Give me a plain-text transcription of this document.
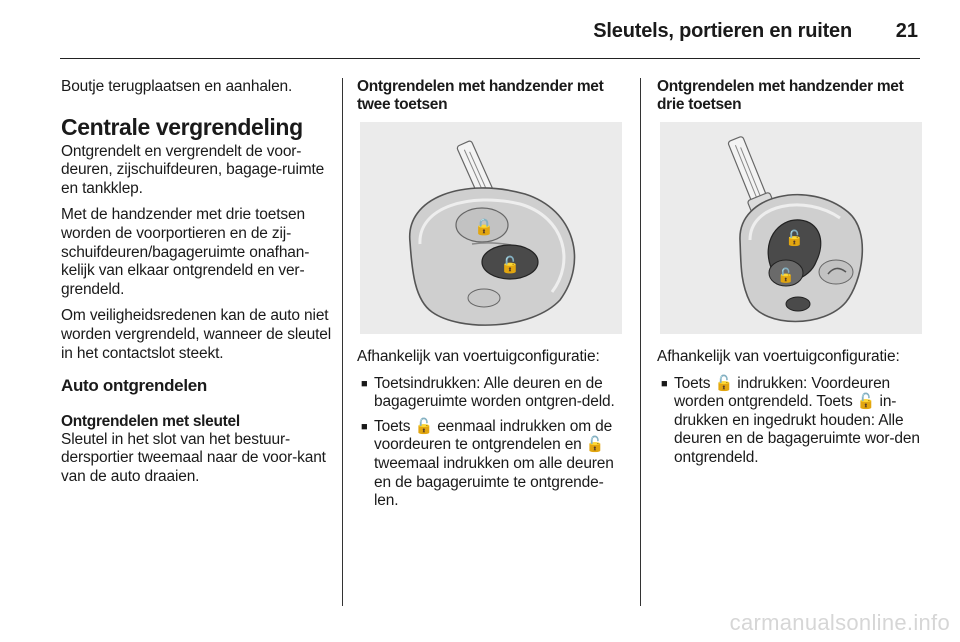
Sleutels, portieren en ruiten 21

Boutje terugplaatsen en aanhalen.

Centrale vergrendeling

Ontgrendelt en vergrendelt de voor-deuren, zijschuifdeuren, bagage-ruimte en tankklep.

Met de handzender met drie toetsen worden de voorportieren en de zij-schuifdeuren/bagageruimte onafhan-kelijk van elkaar ontgrendeld en ver-grendeld.

Om veiligheidsredenen kan de auto niet worden vergrendeld, wanneer de sleutel in het contactslot steekt.

Auto ontgrendelen
Ontgrendelen met sleutel

Sleutel in het slot van het bestuur-dersportier tweemaal naar de voor-kant van de auto draaien.

Ontgrendelen met handzender met twee toetsen
🔒
🔓

Afhankelijk van voertuigconfiguratie:

■ Toetsindrukken: Alle deuren en de bagageruimte worden ontgren-deld.
■ Toets 🔓 eenmaal indrukken om de voordeuren te ontgrendelen en 🔓 tweemaal indrukken om alle deuren en de bagageruimte te ontgrende-len.
Ontgrendelen met handzender met drie toetsen
🔓
🔓

Afhankelijk van voertuigconfiguratie:

■ Toets 🔓 indrukken: Voordeuren worden ontgrendeld. Toets 🔓 in-drukken en ingedrukt houden: Alle deuren en de bagageruimte wor-den ontgrendeld.
carmanualsonline.info
